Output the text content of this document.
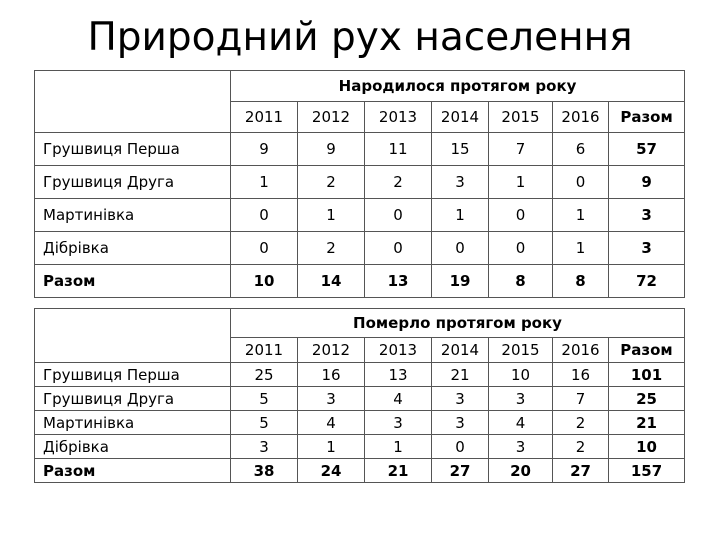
Природний рух населення
	Народилося протягом року						
	2011	2012	2013	2014	2015	2016	Разом
Грушвиця Перша	9	9	11	15	7	6	57
Грушвиця Друга	1	2	2	3	1	0	9
Мартинівка	0	1	0	1	0	1	3
Дібрівка	0	2	0	0	0	1	3
Разом	10	14	13	19	8	8	72
	Померло протягом року						
	2011	2012	2013	2014	2015	2016	Разом
Грушвиця Перша	25	16	13	21	10	16	101
Грушвиця Друга	5	3	4	3	3	7	25
Мартинівка	5	4	3	3	4	2	21
Дібрівка	3	1	1	0	3	2	10
Разом	38	24	21	27	20	27	157
